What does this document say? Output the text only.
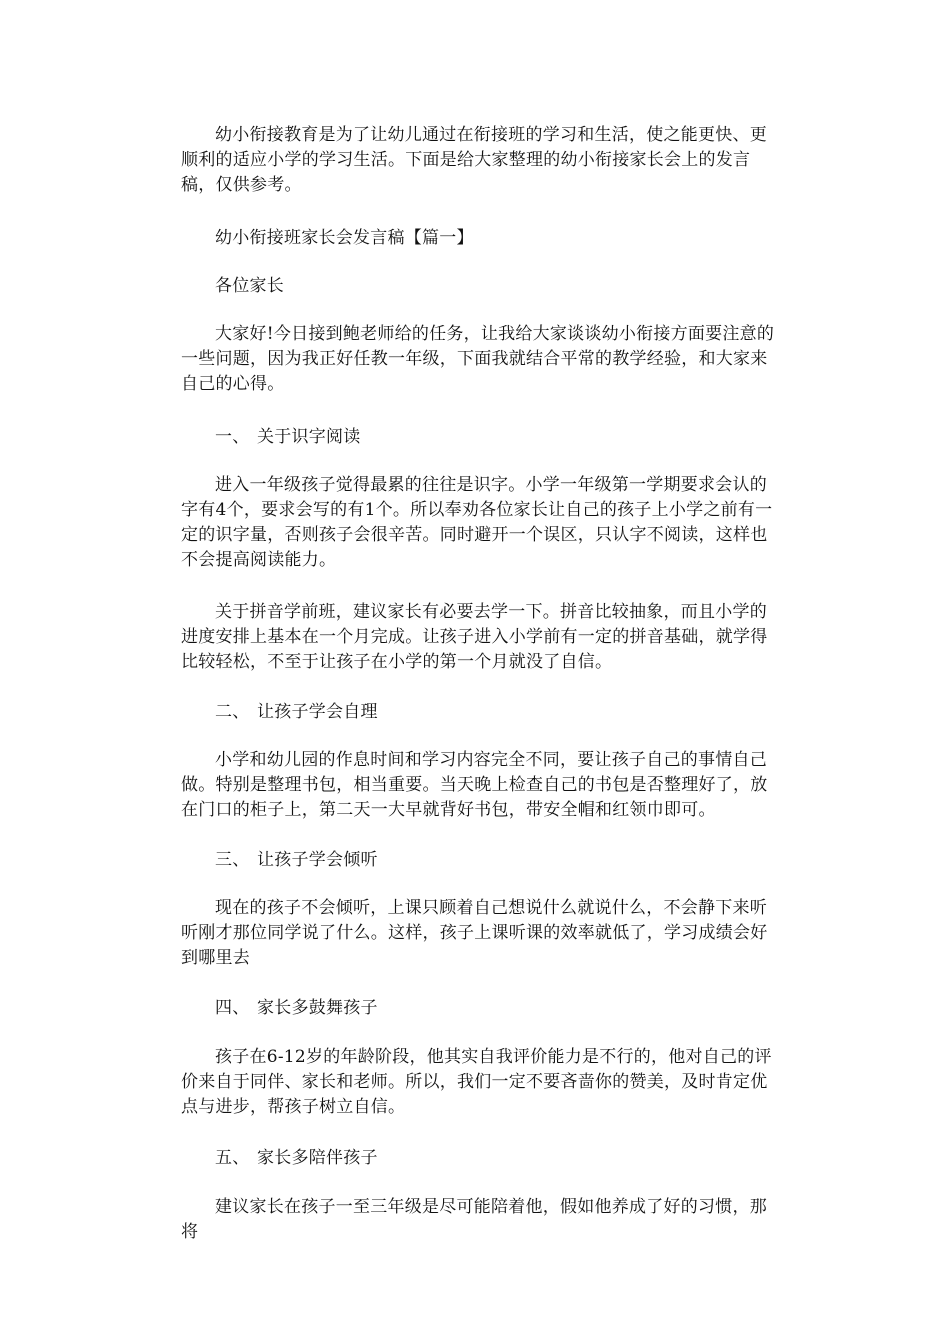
幼小衔接教育是为了让幼儿通过在衔接班的学习和生活，使之能更快、更顺利的适应小学的学习生活。下面是给大家整理的幼小衔接家长会上的发言稿，仅供参考。
幼小衔接班家长会发言稿【篇一】
各位家长
大家好!今日接到鲍老师给的任务，让我给大家谈谈幼小衔接方面要注意的一些问题，因为我正好任教一年级，下面我就结合平常的教学经验，和大家来自己的心得。
一、 关于识字阅读
进入一年级孩子觉得最累的往往是识字。小学一年级第一学期要求会认的字有4个，要求会写的有1个。所以奉劝各位家长让自己的孩子上小学之前有一定的识字量，否则孩子会很辛苦。同时避开一个误区，只认字不阅读，这样也不会提高阅读能力。
关于拼音学前班，建议家长有必要去学一下。拼音比较抽象，而且小学的进度安排上基本在一个月完成。让孩子进入小学前有一定的拼音基础，就学得比较轻松，不至于让孩子在小学的第一个月就没了自信。
二、 让孩子学会自理
小学和幼儿园的作息时间和学习内容完全不同，要让孩子自己的事情自己做。特别是整理书包，相当重要。当天晚上检查自己的书包是否整理好了，放在门口的柜子上，第二天一大早就背好书包，带安全帽和红领巾即可。
三、 让孩子学会倾听
现在的孩子不会倾听，上课只顾着自己想说什么就说什么，不会静下来听听刚才那位同学说了什么。这样，孩子上课听课的效率就低了，学习成绩会好到哪里去
四、 家长多鼓舞孩子
孩子在6-12岁的年龄阶段，他其实自我评价能力是不行的，他对自己的评价来自于同伴、家长和老师。所以，我们一定不要吝啬你的赞美，及时肯定优点与进步，帮孩子树立自信。
五、 家长多陪伴孩子
建议家长在孩子一至三年级是尽可能陪着他，假如他养成了好的习惯，那将
